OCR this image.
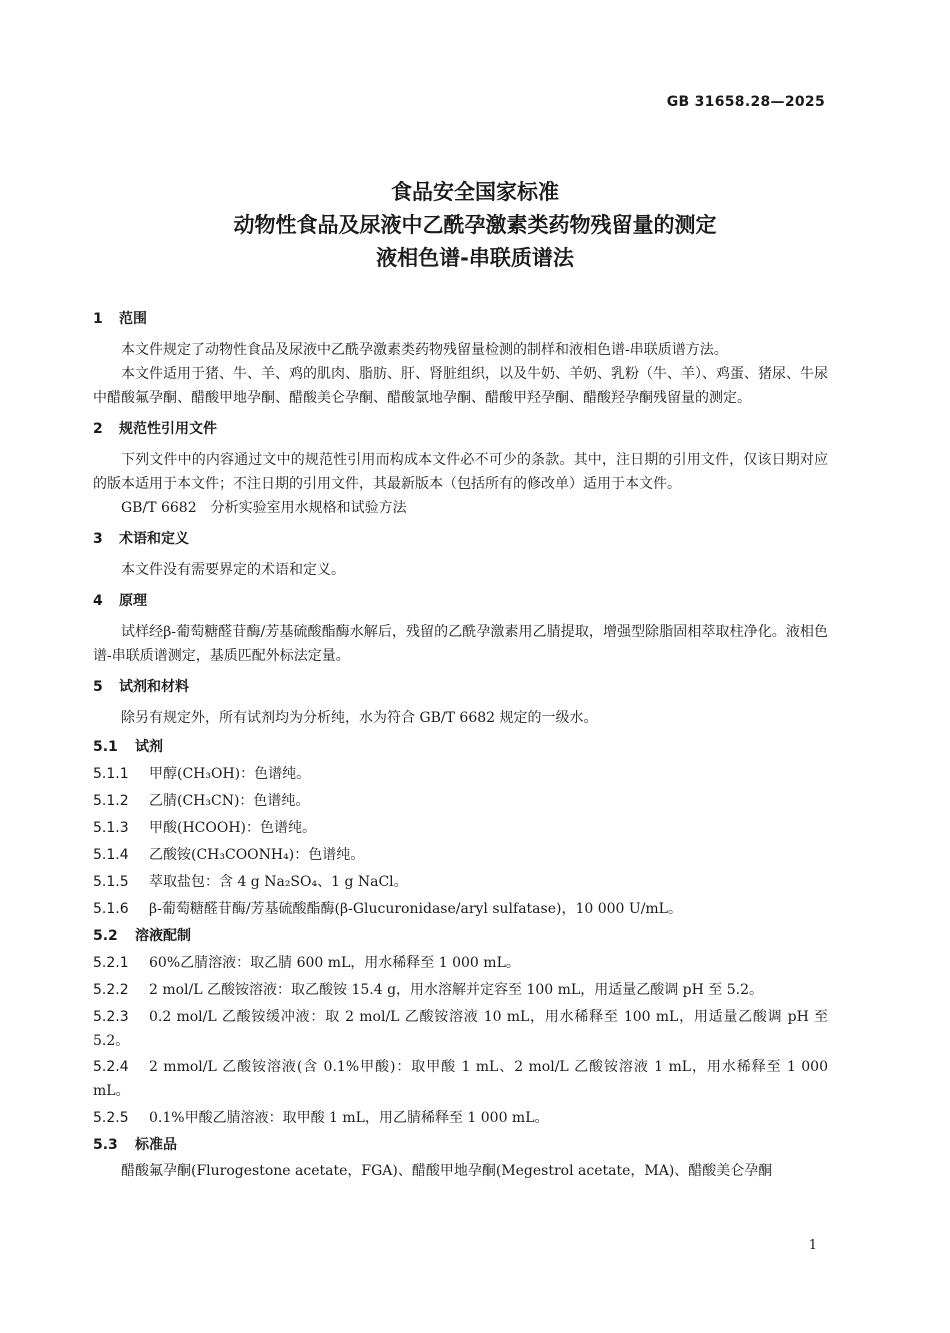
GB 31658.28—2025
食品安全国家标准
动物性食品及尿液中乙酰孕激素类药物残留量的测定
液相色谱-串联质谱法
1 范围

本文件规定了动物性食品及尿液中乙酰孕激素类药物残留量检测的制样和液相色谱-串联质谱方法。

本文件适用于猪、牛、羊、鸡的肌肉、脂肪、肝、肾脏组织，以及牛奶、羊奶、乳粉（牛、羊）、鸡蛋、猪尿、牛尿中醋酸氟孕酮、醋酸甲地孕酮、醋酸美仑孕酮、醋酸氯地孕酮、醋酸甲羟孕酮、醋酸羟孕酮残留量的测定。

2 规范性引用文件

下列文件中的内容通过文中的规范性引用而构成本文件必不可少的条款。其中，注日期的引用文件，仅该日期对应的版本适用于本文件；不注日期的引用文件，其最新版本（包括所有的修改单）适用于本文件。

GB/T 6682　分析实验室用水规格和试验方法

3 术语和定义

本文件没有需要界定的术语和定义。

4 原理

试样经β-葡萄糖醛苷酶/芳基硫酸酯酶水解后，残留的乙酰孕激素用乙腈提取，增强型除脂固相萃取柱净化。液相色谱-串联质谱测定，基质匹配外标法定量。

5 试剂和材料

除另有规定外，所有试剂均为分析纯，水为符合 GB/T 6682 规定的一级水。

5.1 试剂
5.1.1 甲醇(CH₃OH)：色谱纯。
5.1.2 乙腈(CH₃CN)：色谱纯。
5.1.3 甲酸(HCOOH)：色谱纯。
5.1.4 乙酸铵(CH₃COONH₄)：色谱纯。
5.1.5 萃取盐包：含 4 g Na₂SO₄、1 g NaCl。
5.1.6 β-葡萄糖醛苷酶/芳基硫酸酯酶(β-Glucuronidase/aryl sulfatase)，10 000 U/mL。
5.2 溶液配制
5.2.1 60%乙腈溶液：取乙腈 600 mL，用水稀释至 1 000 mL。
5.2.2 2 mol/L 乙酸铵溶液：取乙酸铵 15.4 g，用水溶解并定容至 100 mL，用适量乙酸调 pH 至 5.2。
5.2.3 0.2 mol/L 乙酸铵缓冲液：取 2 mol/L 乙酸铵溶液 10 mL，用水稀释至 100 mL，用适量乙酸调 pH 至 5.2。
5.2.4 2 mmol/L 乙酸铵溶液(含 0.1%甲酸)：取甲酸 1 mL、2 mol/L 乙酸铵溶液 1 mL，用水稀释至 1 000 mL。
5.2.5 0.1%甲酸乙腈溶液：取甲酸 1 mL，用乙腈稀释至 1 000 mL。
5.3 标准品
醋酸氟孕酮(Flurogestone acetate，FGA)、醋酸甲地孕酮(Megestrol acetate，MA)、醋酸美仑孕酮
1
